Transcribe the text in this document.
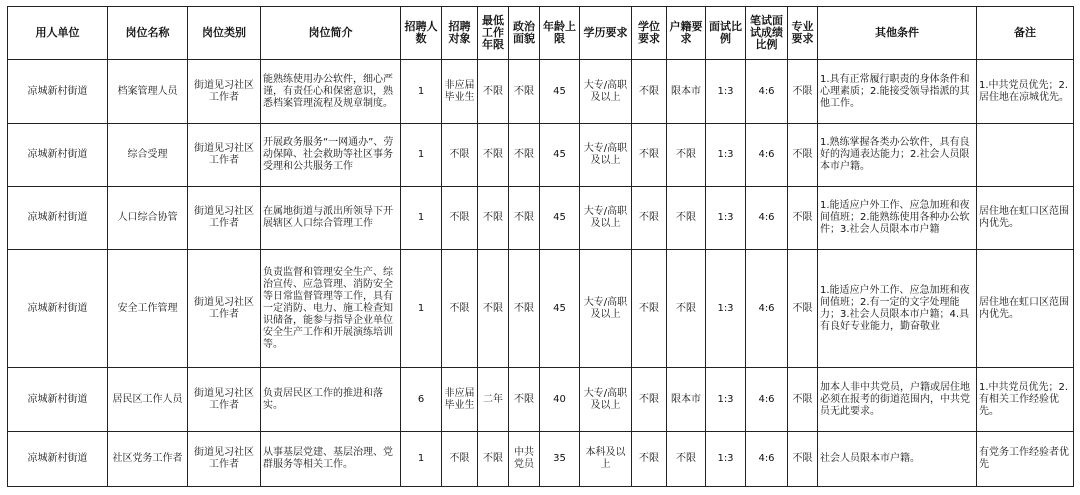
用人单位	岗位名称	岗位类别	岗位简介	招聘人数	招聘对象	最低工作年限	政治面貌	年龄上限	学历要求	学位要求	户籍要求	面试比例	笔试面试成绩比例	专业要求	其他条件	备注
凉城新村街道	档案管理人员	街道见习社区工作者	能熟练使用办公软件，细心严谨，有责任心和保密意识，熟悉档案管理流程及规章制度。	1	非应届毕业生	不限	不限	45	大专/高职及以上	不限	限本市	1:3	4:6	不限	1.具有正常履行职责的身体条件和心理素质；2.能接受领导指派的其他工作。	1.中共党员优先；2.居住地在凉城优先。
凉城新村街道	综合受理	街道见习社区工作者	开展政务服务“一网通办”、劳动保障、社会救助等社区事务受理和公共服务工作	1	不限	不限	不限	45	大专/高职及以上	不限	不限	1:3	4:6	不限	1.熟练掌握各类办公软件，具有良好的沟通表达能力；2.社会人员限本市户籍。	
凉城新村街道	人口综合协管	街道见习社区工作者	在属地街道与派出所领导下开展辖区人口综合管理工作	1	不限	不限	不限	45	大专/高职及以上	不限	不限	1:3	4:6	不限	1.能适应户外工作、应急加班和夜间值班；2.能熟练使用各种办公软件；3.社会人员限本市户籍	居住地在虹口区范围内优先。
凉城新村街道	安全工作管理	街道见习社区工作者	负责监督和管理安全生产、综治宣传、应急管理、消防安全等日常监督管理等工作，具有一定消防、电力、施工检查知识储备，能参与指导企业单位安全生产工作和开展演练培训等。	1	不限	不限	不限	45	大专/高职及以上	不限	不限	1:3	4:6	不限	1.能适应户外工作、应急加班和夜间值班；2.有一定的文字处理能力；3.社会人员限本市户籍；4.具有良好专业能力，勤奋敬业	居住地在虹口区范围内优先。
凉城新村街道	居民区工作人员	街道见习社区工作者	负责居民区工作的推进和落实。	6	非应届毕业生	二年	不限	40	大专/高职及以上	不限	限本市	1:3	4:6	不限	加本人非中共党员，户籍或居住地必须在报考的街道范围内，中共党员无此要求。	1.中共党员优先；2.有相关工作经验优先。
凉城新村街道	社区党务工作者	街道见习社区工作者	从事基层党建、基层治理、党群服务等相关工作。	1	不限	不限	中共党员	35	本科及以上	不限	不限	1:3	4:6	不限	社会人员限本市户籍。	有党务工作经验者优先
